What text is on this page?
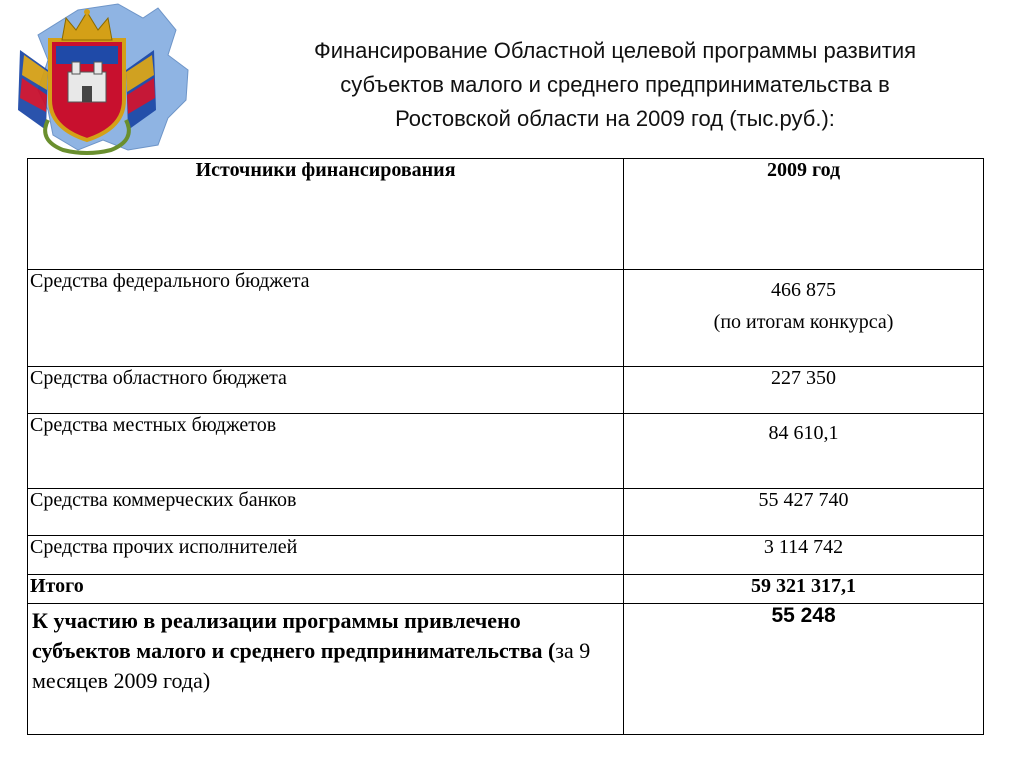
Финансирование Областной целевой программы развития
субъектов малого и среднего предпринимательства в
Ростовской области на 2009 год (тыс.руб.):
Источники финансирования	2009 год
Средства федерального бюджета	466 875
(по итогам конкурса)

Средства областного бюджета	227 350
Средства местных бюджетов	84 610,1
Средства коммерческих банков	55 427 740
Средства прочих исполнителей	3 114 742
Итого	59 321 317,1

К участию в реализации программы привлечено субъектов малого и среднего предпринимательства (за 9 месяцев 2009 года)	55 248
